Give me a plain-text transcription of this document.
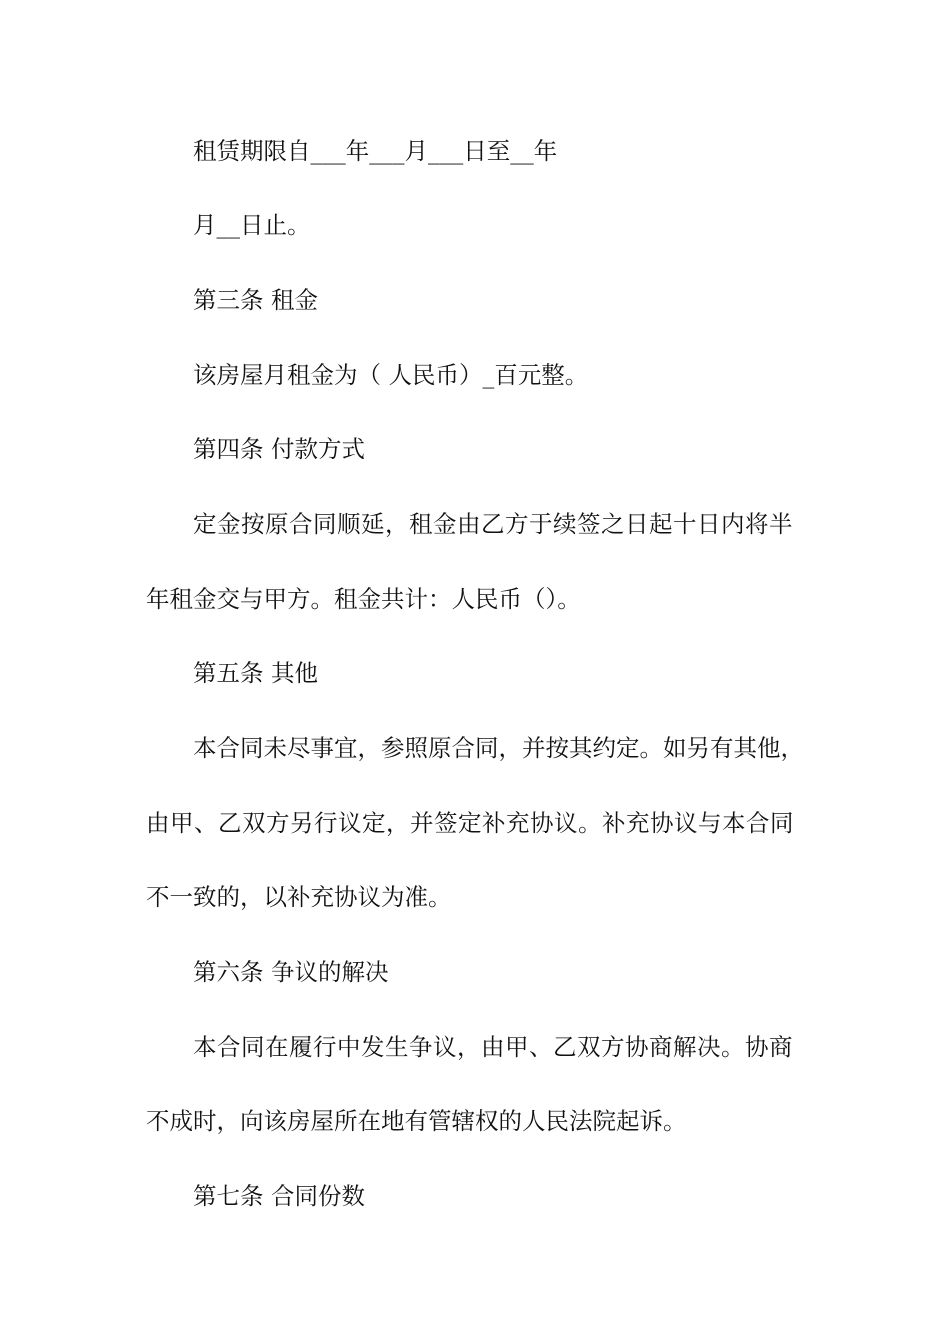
租赁期限自___年___月___日至__年
月__日止。
第三条 租金
该房屋月租金为（ 人民币）_百元整。
第四条 付款方式
定金按原合同顺延，租金由乙方于续签之日起十日内将半
年租金交与甲方。租金共计：人民币（）。
第五条 其他
本合同未尽事宜，参照原合同，并按其约定。如另有其他，
由甲、乙双方另行议定，并签定补充协议。补充协议与本合同
不一致的，以补充协议为准。
第六条 争议的解决
本合同在履行中发生争议，由甲、乙双方协商解决。协商
不成时，向该房屋所在地有管辖权的人民法院起诉。
第七条 合同份数
